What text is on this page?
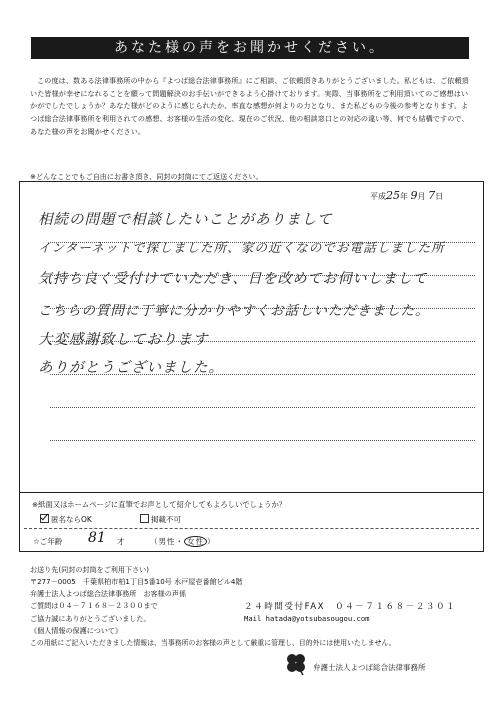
あなた様の声をお聞かせください。
この度は、数ある法律事務所の中から『よつば総合法律事務所』にご相談、ご依頼頂きありがとうございました。私どもは、ご依頼頂いた皆様が幸せになれることを願って問題解決のお手伝いができるよう心掛けております。実際、当事務所をご利用頂いてのご感想はいかがでしたでしょうか？あなた様がどのように感じられたか、率直な感想が何よりの力となり、また私どもの今後の参考となります。よつば総合法律事務所を利用されての感想、お客様の生活の変化、現在のご状況、他の相談窓口との対応の違い等、何でも結構ですので、あなた様の声をお聞かせください。
※どんなことでもご自由にお書き頂き、同封の封筒にてご返送ください。
平成25年 9月 7日
相続の問題で相談したいことがありまして
インターネットで探しました所、家の近くなのでお電話しました所
気持ち良く受付けていただき、日を改めてお伺いしまして
こちらの質問に丁寧に分かりやすくお話しいただきました。
大変感謝致しております
ありがとうございました。
※紙面又はホームページに直筆でお声として紹介してもよろしいでしょうか？
匿名ならOK	掲載不可
☆ご年齢 81 才	（男性・ 女性 ）
お送り先(同封の封筒をご利用下さい)
〒277－0005　千葉県柏市柏1丁目5番10号 水戸屋壱番館ビル4階
弁護士法人よつば総合法律事務所　お客様の声係
ご質問は０４－７１６８－２３００まで
ご協力誠にありがとうございました。
《個人情報の保護について》
この用紙にご記入いただきました情報は、当事務所のお客様の声として厳重に管理し、目的外には使用いたしません。
２４時間受付FAX　０４－７１６８－２３０１
Mail hatada@yotsubasougou.com
弁護士法人よつば総合法律事務所
